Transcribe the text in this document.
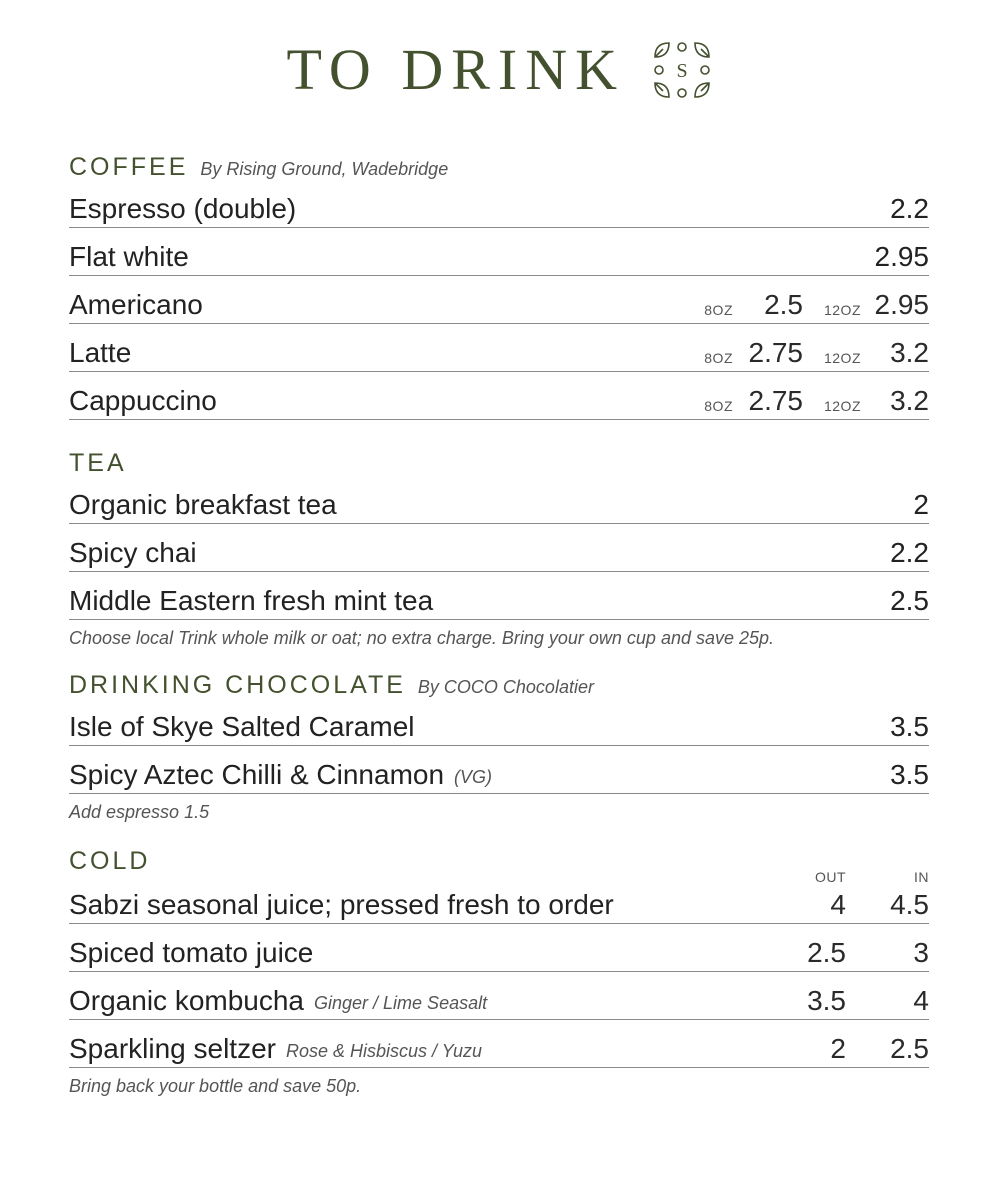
TO DRINK	S
COFFEE By Rising Ground, Wadebridge
Espresso (double)	2.2
Flat white	2.95
Americano	8OZ 2.5 12OZ 2.95
Latte	8OZ 2.75 12OZ 3.2
Cappuccino	8OZ 2.75 12OZ 3.2
TEA
Organic breakfast tea	2
Spicy chai	2.2
Middle Eastern fresh mint tea	2.5
Choose local Trink whole milk or oat; no extra charge. Bring your own cup and save 25p.
DRINKING CHOCOLATE By COCO Chocolatier
Isle of Skye Salted Caramel	3.5
Spicy Aztec Chilli & Cinnamon (VG)	3.5
Add espresso 1.5
COLD
OUT	IN
Sabzi seasonal juice; pressed fresh to order	4 4.5
Spiced tomato juice	2.5 3
Organic kombucha Ginger / Lime Seasalt	3.5 4
Sparkling seltzer Rose & Hisbiscus / Yuzu	2 2.5
Bring back your bottle and save 50p.
